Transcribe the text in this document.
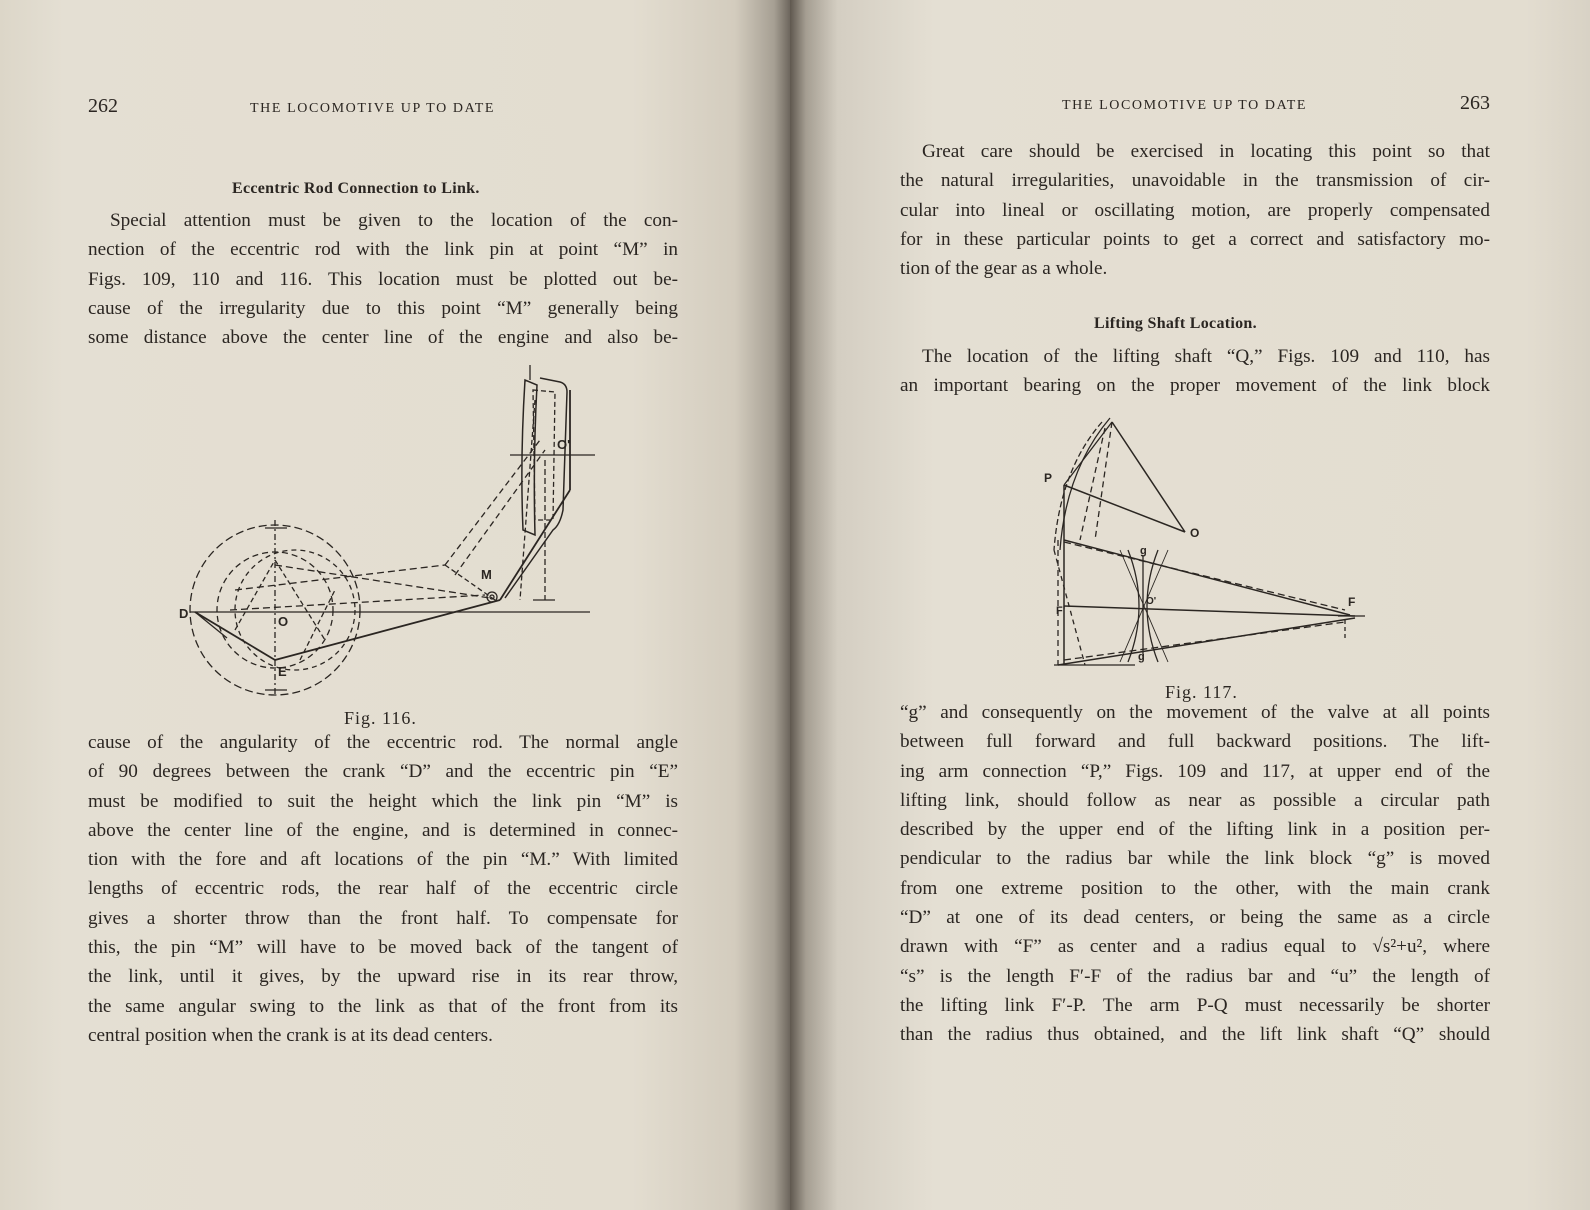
262	THE LOCOMOTIVE UP TO DATE
Eccentric Rod Connection to Link.
Special attention must be given to the location of the con-
nection of the eccentric rod with the link pin at point “M” in
Figs. 109, 110 and 116. This location must be plotted out be-
cause of the irregularity due to this point “M” generally being
some distance above the center line of the engine and also be-
D
O
E
M
O'
Fig. 116.
cause of the angularity of the eccentric rod. The normal angle
of 90 degrees between the crank “D” and the eccentric pin “E”
must be modified to suit the height which the link pin “M” is
above the center line of the engine, and is determined in connec-
tion with the fore and aft locations of the pin “M.” With limited
lengths of eccentric rods, the rear half of the eccentric circle
gives a shorter throw than the front half. To compensate for
this, the pin “M” will have to be moved back of the tangent of
the link, until it gives, by the upward rise in its rear throw,
the same angular swing to the link as that of the front from its
central position when the crank is at its dead centers.
THE LOCOMOTIVE UP TO DATE	263
Great care should be exercised in locating this point so that
the natural irregularities, unavoidable in the transmission of cir-
cular into lineal or oscillating motion, are properly compensated
for in these particular points to get a correct and satisfactory mo-
tion of the gear as a whole.
Lifting Shaft Location.
The location of the lifting shaft “Q,” Figs. 109 and 110, has
an important bearing on the proper movement of the link block
P
O
g
O'
F'
F
g
Fig. 117.
“g” and consequently on the movement of the valve at all points
between full forward and full backward positions. The lift-
ing arm connection “P,” Figs. 109 and 117, at upper end of the
lifting link, should follow as near as possible a circular path
described by the upper end of the lifting link in a position per-
pendicular to the radius bar while the link block “g” is moved
from one extreme position to the other, with the main crank
“D” at one of its dead centers, or being the same as a circle
drawn with “F” as center and a radius equal to √s²+u², where
“s” is the length F′-F of the radius bar and “u” the length of
the lifting link F′-P. The arm P-Q must necessarily be shorter
than the radius thus obtained, and the lift link shaft “Q” should
